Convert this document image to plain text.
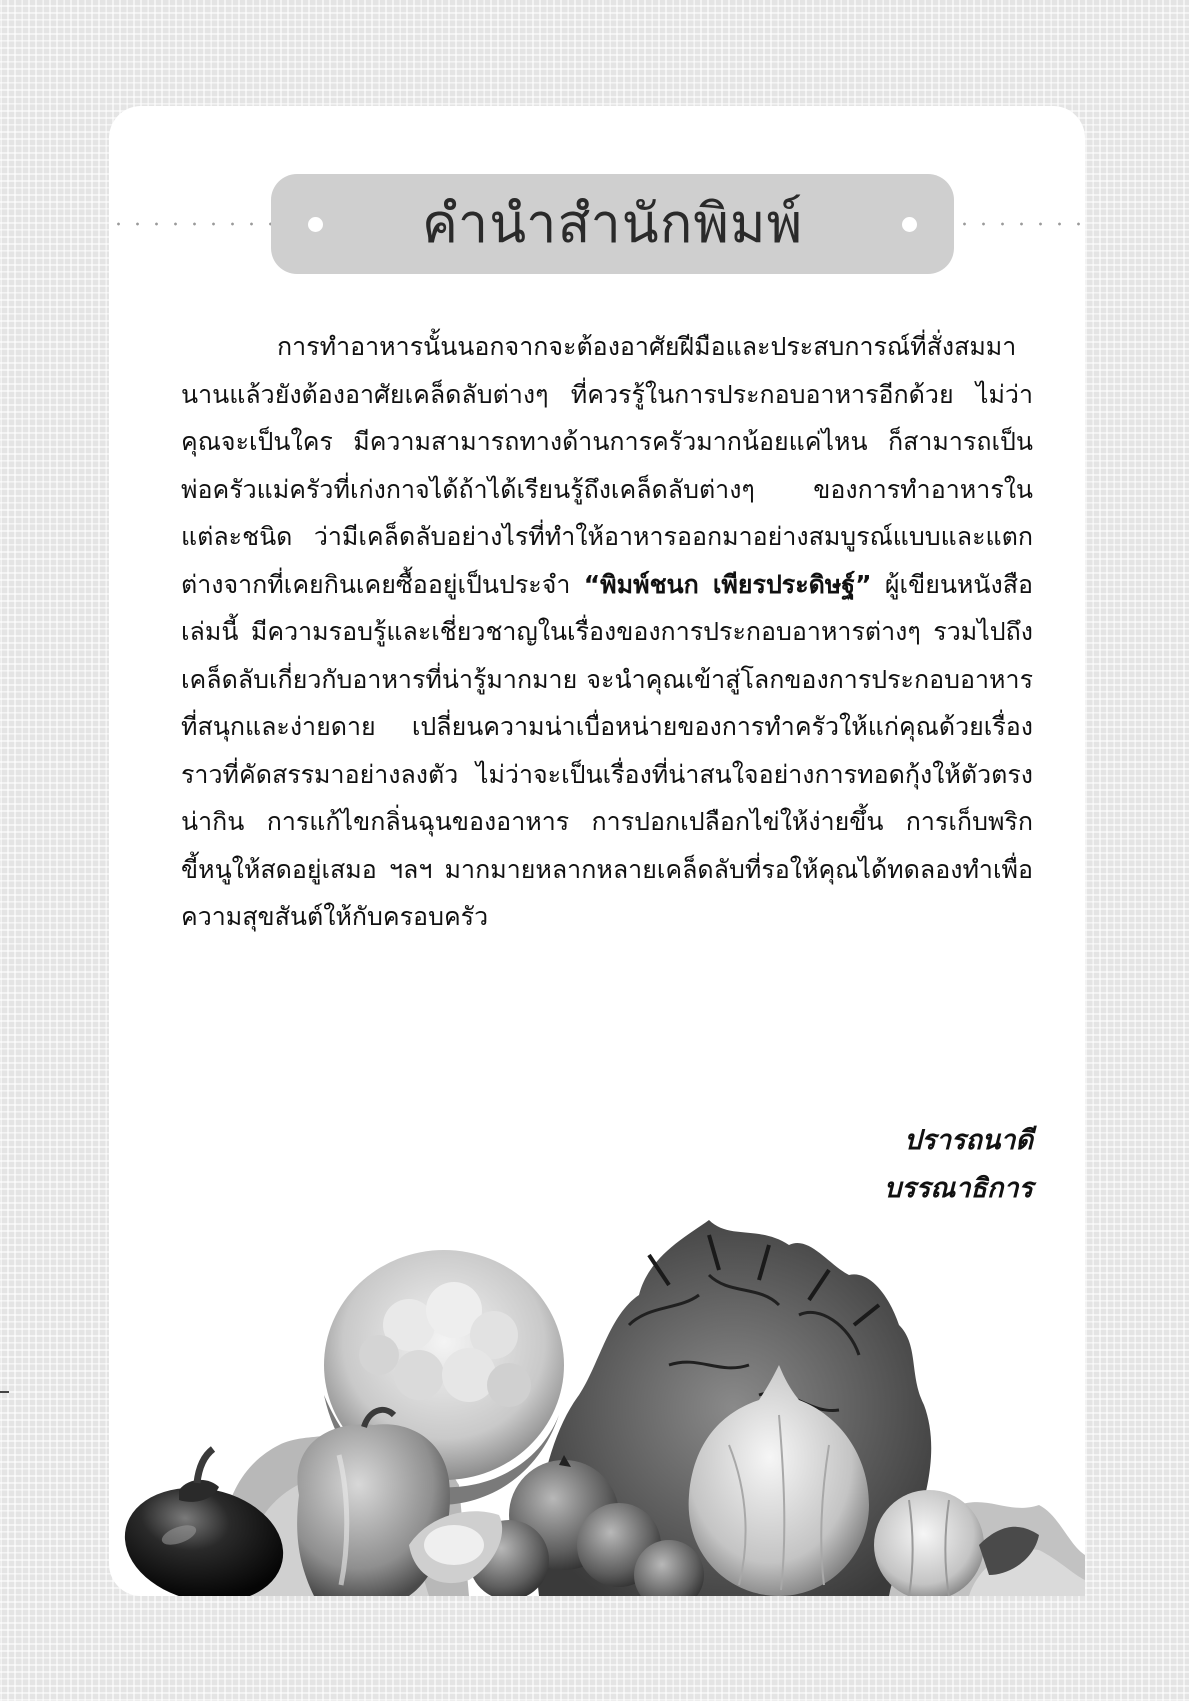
คำนำสำนักพิมพ์

การทำอาหารนั้นนอกจากจะต้องอาศัยฝีมือและประสบการณ์ที่สั่งสมมานานแล้วยังต้องอาศัยเคล็ดลับต่างๆ ที่ควรรู้ในการประกอบอาหารอีกด้วย ไม่ว่าคุณจะเป็นใคร มีความสามารถทางด้านการครัวมากน้อยแค่ไหน ก็สามารถเป็นพ่อครัวแม่ครัวที่เก่งกาจได้ถ้าได้เรียนรู้ถึงเคล็ดลับต่างๆ ของการทำอาหารในแต่ละชนิด ว่ามีเคล็ดลับอย่างไรที่ทำให้อาหารออกมาอย่างสมบูรณ์แบบและแตกต่างจากที่เคยกินเคยซื้ออยู่เป็นประจำ “พิมพ์ชนก เพียรประดิษฐ์” ผู้เขียนหนังสือเล่มนี้ มีความรอบรู้และเชี่ยวชาญในเรื่องของการประกอบอาหารต่างๆ รวมไปถึงเคล็ดลับเกี่ยวกับอาหารที่น่ารู้มากมาย จะนำคุณเข้าสู่โลกของการประกอบอาหารที่สนุกและง่ายดาย เปลี่ยนความน่าเบื่อหน่ายของการทำครัวให้แก่คุณด้วยเรื่องราวที่คัดสรรมาอย่างลงตัว ไม่ว่าจะเป็นเรื่องที่น่าสนใจอย่างการทอดกุ้งให้ตัวตรงน่ากิน การแก้ไขกลิ่นฉุนของอาหาร การปอกเปลือกไข่ให้ง่ายขึ้น การเก็บพริกขี้หนูให้สดอยู่เสมอ ฯลฯ มากมายหลากหลายเคล็ดลับที่รอให้คุณได้ทดลองทำเพื่อความสุขสันต์ให้กับครอบครัว

ปรารถนาดี
บรรณาธิการ
